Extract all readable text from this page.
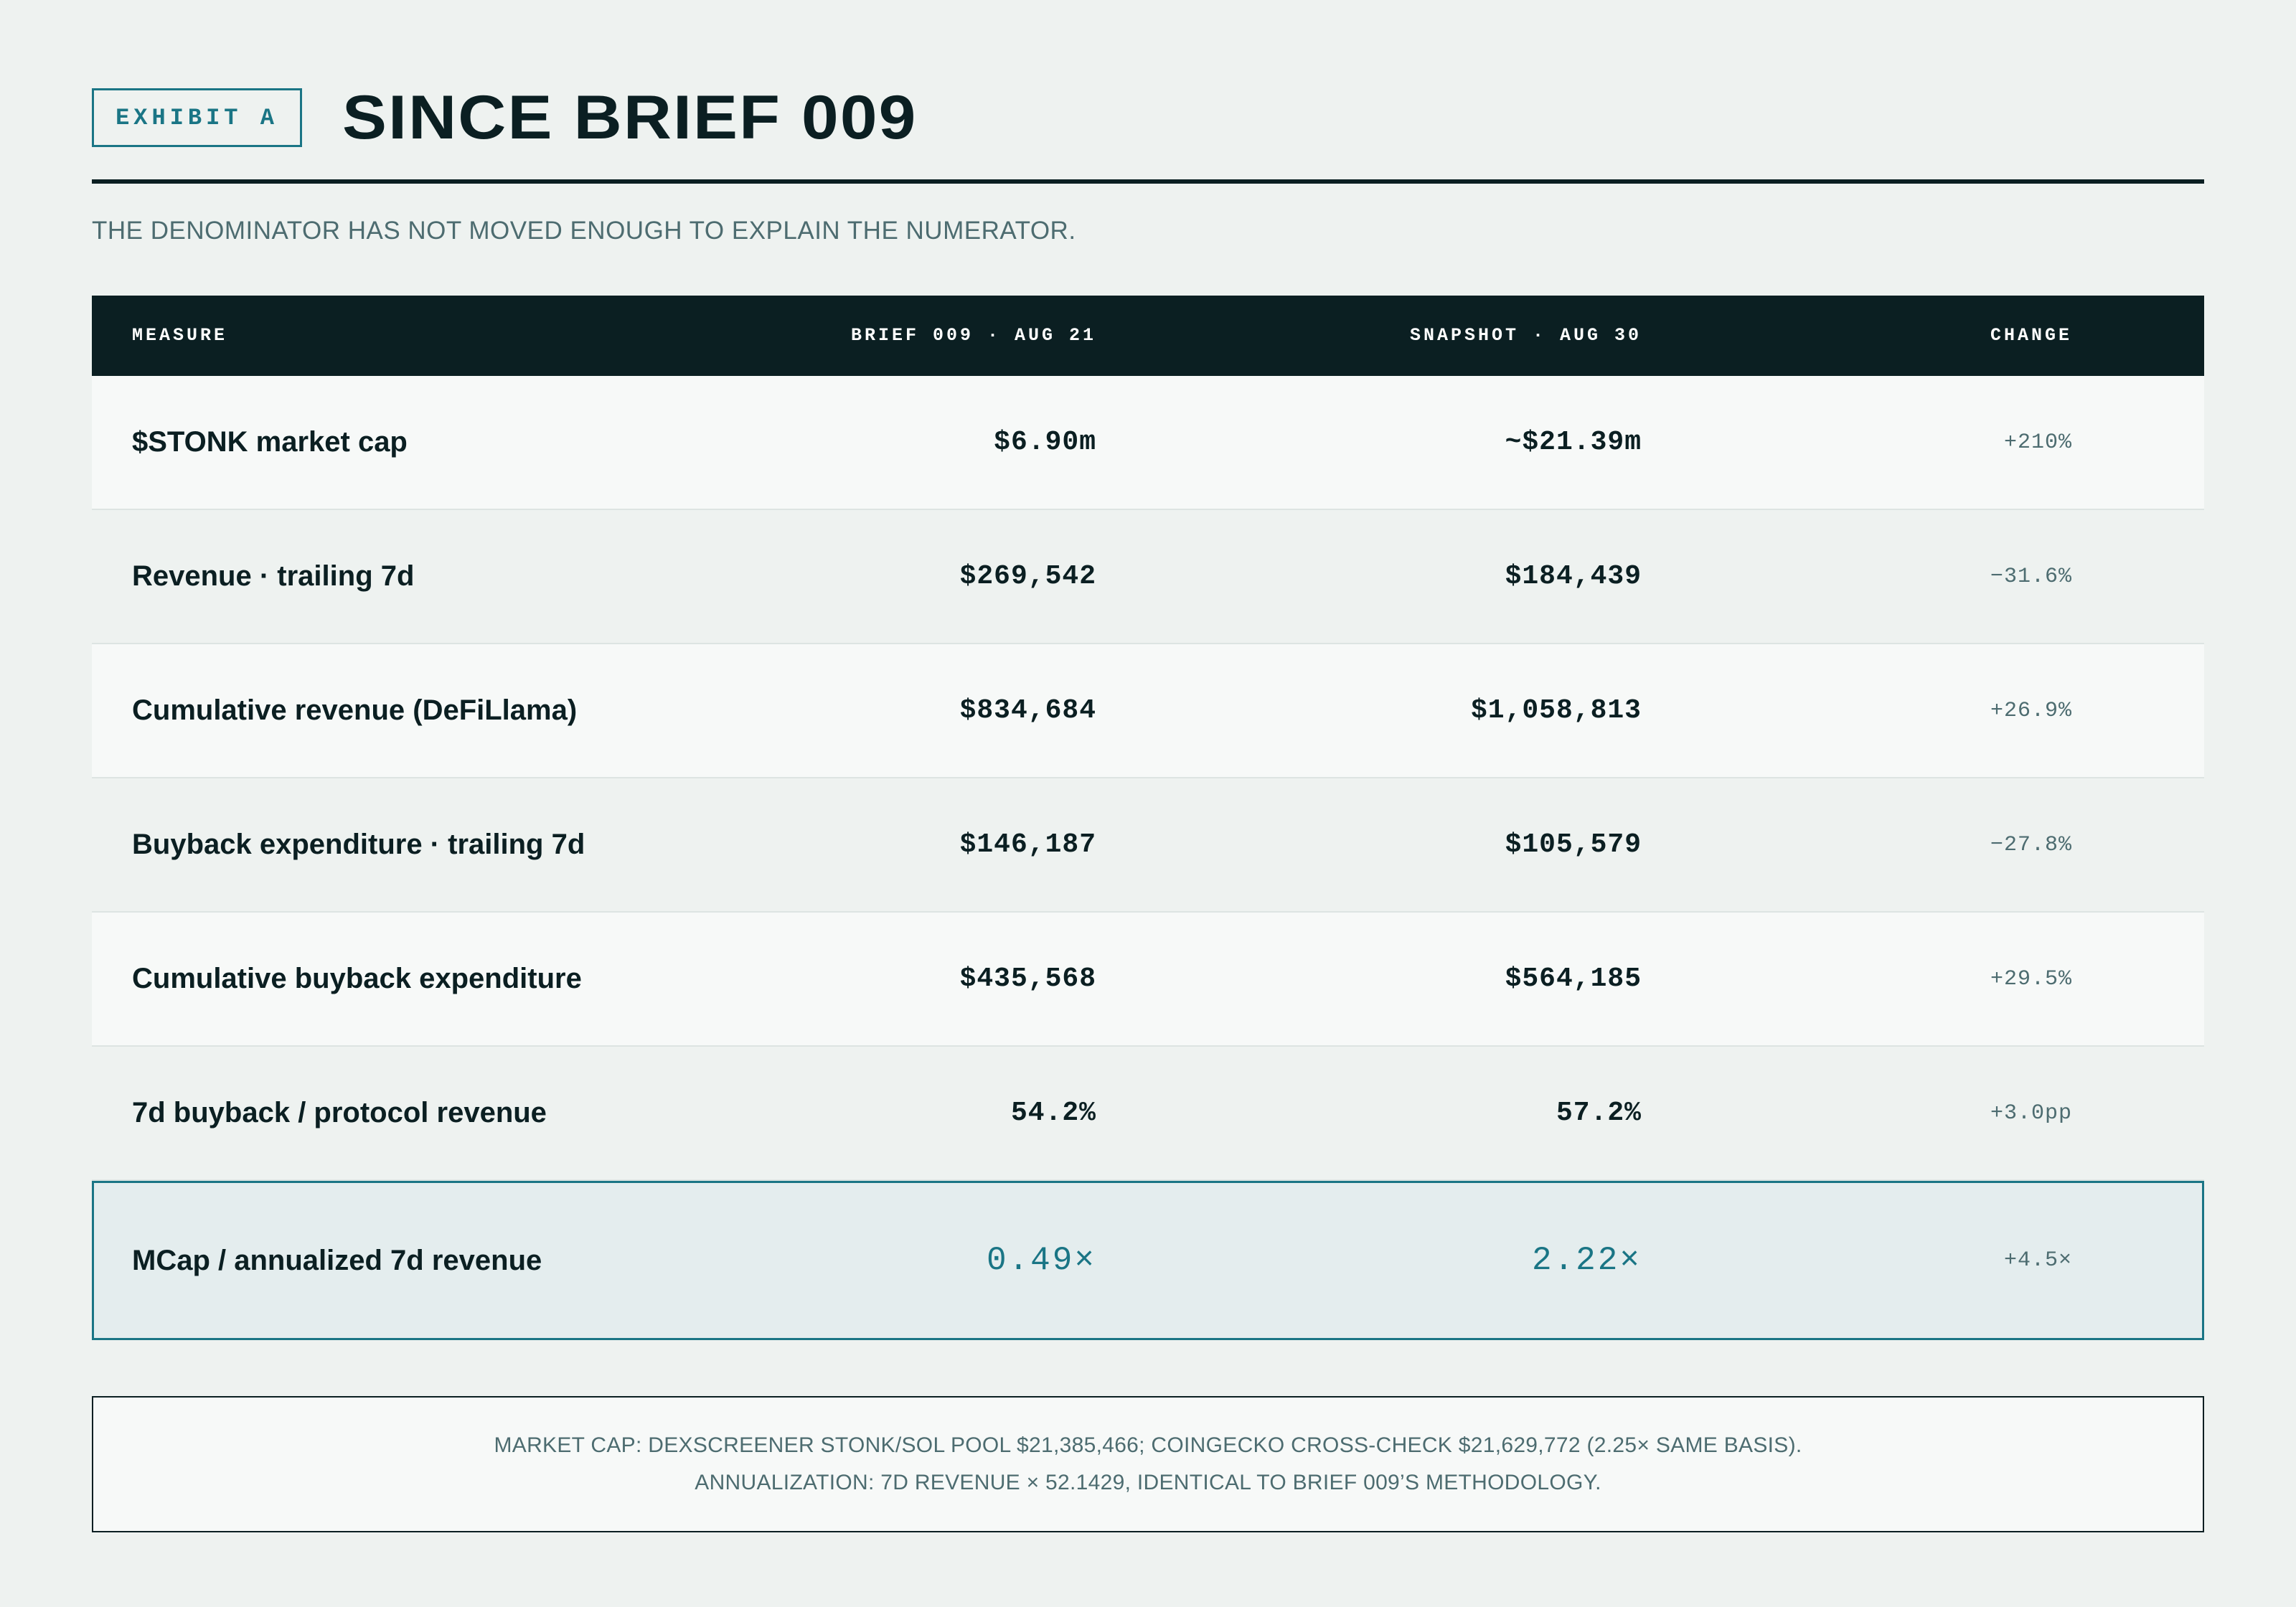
EXHIBIT A	SINCE BRIEF 009
THE DENOMINATOR HAS NOT MOVED ENOUGH TO EXPLAIN THE NUMERATOR.
MEASURE	BRIEF 009 · AUG 21	SNAPSHOT · AUG 30	CHANGE
$STONK market cap	$6.90m	~$21.39m	+210%
Revenue · trailing 7d	$269,542	$184,439	−31.6%
Cumulative revenue (DeFiLlama)	$834,684	$1,058,813	+26.9%
Buyback expenditure · trailing 7d	$146,187	$105,579	−27.8%
Cumulative buyback expenditure	$435,568	$564,185	+29.5%
7d buyback / protocol revenue	54.2%	57.2%	+3.0pp
MCap / annualized 7d revenue	0.49×	2.22×	+4.5×
MARKET CAP: DEXSCREENER STONK/SOL POOL $21,385,466; COINGECKO CROSS-CHECK $21,629,772 (2.25× SAME BASIS).
ANNUALIZATION: 7D REVENUE × 52.1429, IDENTICAL TO BRIEF 009’S METHODOLOGY.
